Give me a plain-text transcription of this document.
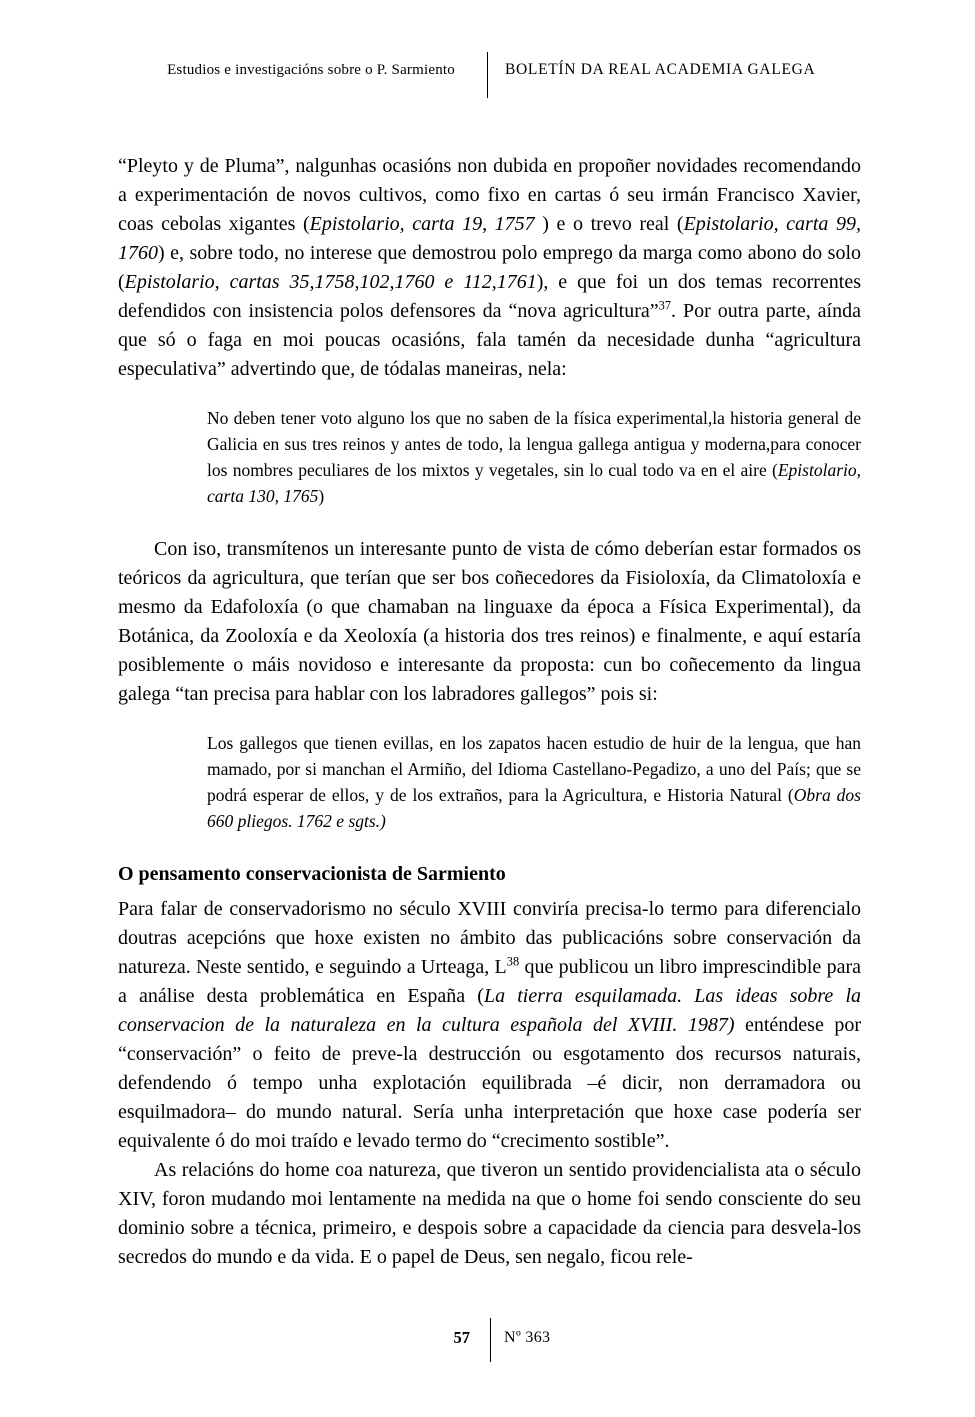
Estudios e investigacións sobre o P. Sarmiento	BOLETÍN DA REAL ACADEMIA GALEGA

“Pleyto y de Pluma”, nalgunhas ocasións non dubida en propoñer novidades recomendando a experimentación de novos cultivos, como fixo en cartas ó seu irmán Francisco Xavier, coas cebolas xigantes (Epistolario, carta 19, 1757 ) e o trevo real (Epistolario, carta 99, 1760) e, sobre todo, no interese que demostrou polo emprego da marga como abono do solo (Epistolario, cartas 35,1758,102,1760 e 112,1761), e que foi un dos temas recorrentes defendidos con insistencia polos defensores da “nova agricultura”$^{37}$. Por outra parte, aínda que só o faga en moi poucas ocasións, fala tamén da necesidade dunha “agricultura especulativa” advertindo que, de tódalas maneiras, nela:

No deben tener voto alguno los que no saben de la física experimental,la historia general de Galicia en sus tres reinos y antes de todo, la lengua gallega antigua y moderna,para conocer los nombres peculiares de los mixtos y vegetales, sin lo cual todo va en el aire (Epistolario, carta 130, 1765)

Con iso, transmítenos un interesante punto de vista de cómo deberían estar formados os teóricos da agricultura, que terían que ser bos coñecedores da Fisioloxía, da Climatoloxía e mesmo da Edafoloxía (o que chamaban na linguaxe da época a Física Experimental), da Botánica, da Zooloxía e da Xeoloxía (a historia dos tres reinos) e finalmente, e aquí estaría posiblemente o máis novidoso e interesante da proposta: cun bo coñecemento da lingua galega “tan precisa para hablar con los labradores gallegos” pois si:

Los gallegos que tienen evillas, en los zapatos hacen estudio de huir de la lengua, que han mamado, por si manchan el Armiño, del Idioma Castellano-Pegadizo, a uno del País; que se podrá esperar de ellos, y de los extraños, para la Agricultura, e Historia Natural (Obra dos 660 pliegos. 1762 e sgts.)
O pensamento conservacionista de Sarmiento

Para falar de conservadorismo no século XVIII conviría precisa-lo termo para diferencialo doutras acepcións que hoxe existen no ámbito das publicacións sobre conservación da natureza. Neste sentido, e seguindo a Urteaga, $L^{38}$ que publicou un libro imprescindible para a análise desta problemática en España (La tierra esquilamada. Las ideas sobre la conservacion de la naturaleza en la cultura española del XVIII. 1987) enténdese por “conservación” o feito de preve-la destrucción ou esgotamento dos recursos naturais, defendendo ó tempo unha explotación equilibrada –é dicir, non derramadora ou esquilmadora– do mundo natural. Sería unha interpretación que hoxe case podería ser equivalente ó do moi traído e levado termo do “crecimento sostible”.

As relacións do home coa natureza, que tiveron un sentido providencialista ata o século XIV, foron mudando moi lentamente na medida na que o home foi sendo consciente do seu dominio sobre a técnica, primeiro, e despois sobre a capacidade da ciencia para desvela-los secredos do mundo e da vida. E o papel de Deus, sen negalo, ficou rele-

57 Nº 363
